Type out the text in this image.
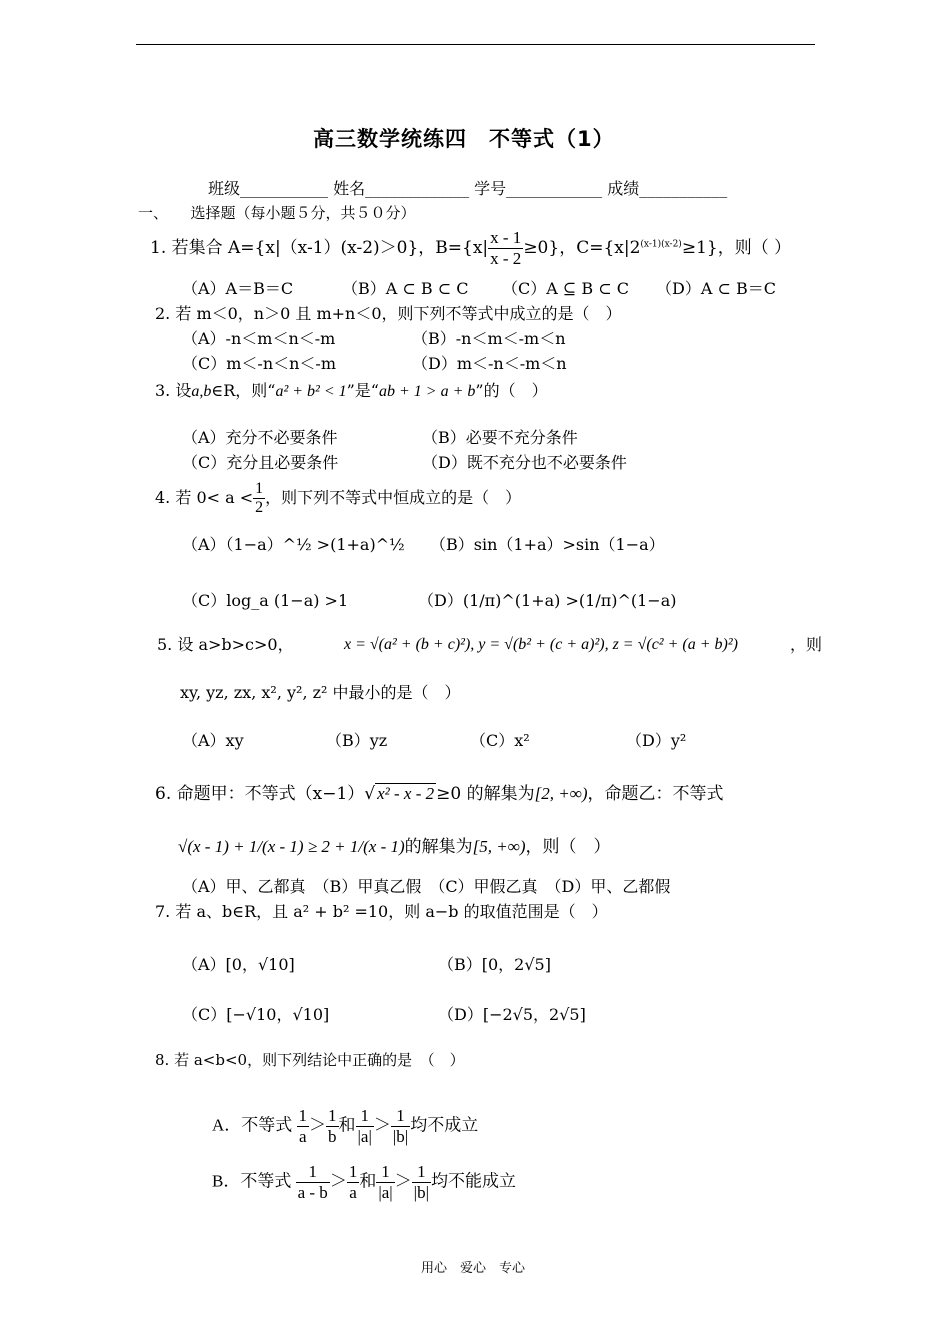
高三数学统练四　不等式（1）
班级___________ 姓名_____________ 学号____________ 成绩___________
一、　　选择题（每小题５分，共５０分）
1. 若集合 A={x|（x-1）(x-2)＞0}，$B=\{x| \frac{x - 1}{x - 2} \ge 0\}$，$C=\{x|2^{(x-1)(x-2)}\ge 1\}$，则（ ）
（A）A＝B＝C	（B）A ⊂ B ⊂ C （C）A ⊆ B ⊂ C （D）A ⊂ B＝C
2. 若 m＜0，n＞0 且 m+n＜0，则下列不等式中成立的是（　）
（A）-n＜m＜n＜-m	（B）-n＜m＜-m＜n
（C）m＜-n＜n＜-m	（D）m＜-n＜-m＜n
3. 设a,b∈R，则“a² + b² < 1”是“ab + 1 > a + b”的（　）
（A）充分不必要条件	（B）必要不充分条件
（C）充分且必要条件	（D）既不充分也不必要条件
4. 若 $0< a < \frac{1}{2}$ ，则下列不等式中恒成立的是（　）
（A）（1−a）^½ >(1+a)^½ （B）sin（1+a）>sin（1−a）
（C）log_a (1−a) >1	（D）(1/π)^(1+a) >(1/π)^(1−a)
5. 设 a>b>c>0，	x = √(a² + (b + c)²), y = √(b² + (c + a)²), z = √(c² + (a + b)²)	，则
xy, yz, zx, x², y², z² 中最小的是（　）
（A）xy	（B）yz	（C）x²	（D）y²
6. 命题甲：不等式（x−1）√ x² - x - 2 ≥0 的解集为[2, +∞)，命题乙：不等式
√(x - 1) + 1/(x - 1) ≥ 2 + 1/(x - 1)的解集为[5, +∞)，则（　）
（A）甲、乙都真　（B）甲真乙假　（C）甲假乙真　（D）甲、乙都假
7. 若 a、b∈R，且 a² + b² =10，则 a−b 的取值范围是（　）
（A）[0，√10]	（B）[0，2√5]
（C）[−√10，√10]	（D）[−2√5，2√5]
8. 若 a<b<0，则下列结论中正确的是　（　）
A．不等式 $\frac{1}{a} > \frac{1}{b}$ 和 $\frac{1}{|a|} > \frac{1}{|b|}$ 均不成立
B．不等式 $\frac{1}{a - b} > \frac{1}{a}$ 和 $\frac{1}{|a|} > \frac{1}{|b|}$ 均不能成立
用心　爱心　专心
